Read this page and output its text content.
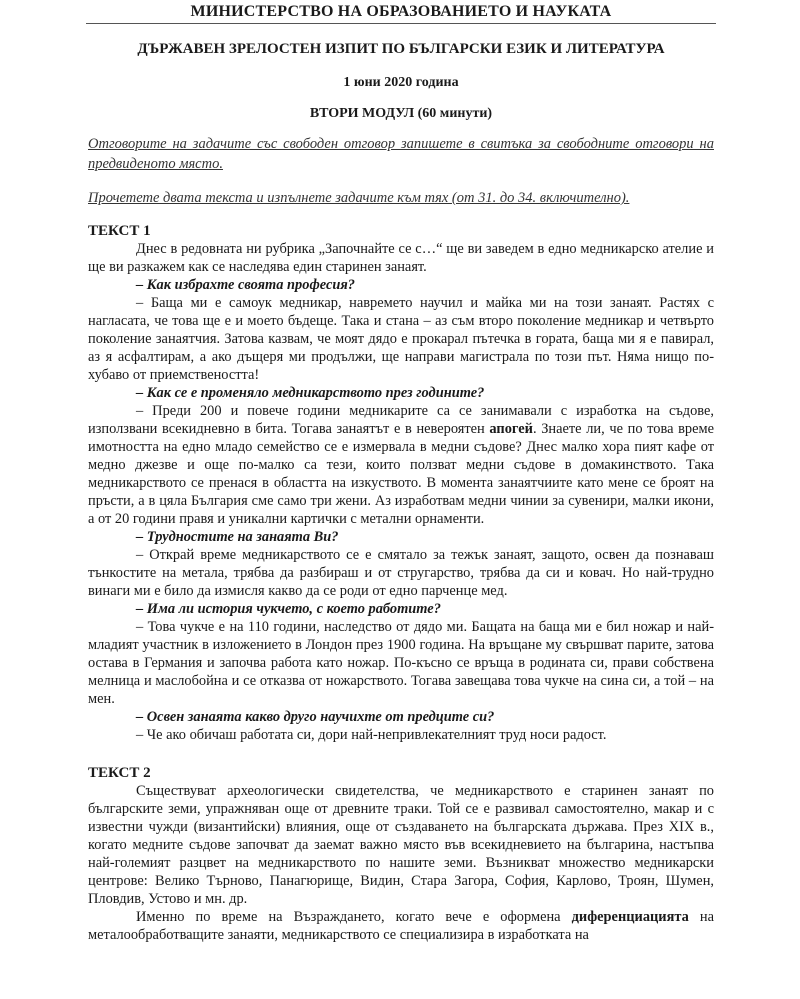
МИНИСТЕРСТВО НА ОБРАЗОВАНИЕТО И НАУКАТА
ДЪРЖАВЕН ЗРЕЛОСТЕН ИЗПИТ ПО БЪЛГАРСКИ ЕЗИК И ЛИТЕРАТУРА
1 юни 2020 година
ВТОРИ МОДУЛ (60 минути)
Отговорите на задачите със свободен отговор запишете в свитъка за свободните отговори на предвиденото място.
Прочетете двата текста и изпълнете задачите към тях (от 31. до 34. включително).
ТЕКСТ 1

Днес в редовната ни рубрика „Започнайте се с…“ ще ви заведем в едно медникарско ателие и ще ви разкажем как се наследява един старинен занаят.

– Как избрахте своята професия?

– Баща ми е самоук медникар, навремето научил и майка ми на този занаят. Растях с нагласата, че това ще е и моето бъдеще. Така и стана – аз съм второ поколение медникар и четвърто поколение занаятчия. Затова казвам, че моят дядо е прокарал пътечка в гората, баща ми я е павирал, аз я асфалтирам, а ако дъщеря ми продължи, ще направи магистрала по този път. Няма нищо по-хубаво от приемствеността!

– Как се е променяло медникарството през годините?

– Преди 200 и повече години медникарите са се занимавали с изработка на съдове, използвани всекидневно в бита. Тогава занаятът е в невероятен апогей. Знаете ли, че по това време имотността на едно младо семейство се е измервала в медни съдове? Днес малко хора пият кафе от медно джезве и още по-малко са тези, които ползват медни съдове в домакинството. Така медникарството се пренася в областта на изкуството. В момента занаятчиите като мене се броят на пръсти, а в цяла България сме само три жени. Аз изработвам медни чинии за сувенири, малки икони, а от 20 години правя и уникални картички с метални орнаменти.

– Трудностите на занаята Ви?

– Открай време медникарството се е смятало за тежък занаят, защото, освен да познаваш тънкостите на метала, трябва да разбираш и от стругарство, трябва да си и ковач. Но най-трудно винаги ми е било да измисля какво да се роди от едно парченце мед.

– Има ли история чукчето, с което работите?

– Това чукче е на 110 години, наследство от дядо ми. Бащата на баща ми е бил ножар и най-младият участник в изложението в Лондон през 1900 година. На връщане му свършват парите, затова остава в Германия и започва работа като ножар. По-късно се връща в родината си, прави собствена мелница и маслобойна и се отказва от ножарството. Тогава завещава това чукче на сина си, а той – на мен.

– Освен занаята какво друго научихте от предците си?

– Че ако обичаш работата си, дори най-непривлекателният труд носи радост.

ТЕКСТ 2

Съществуват археологически свидетелства, че медникарството е старинен занаят по българските земи, упражняван още от древните траки. Той се е развивал самостоятелно, макар и с известни чужди (византийски) влияния, още от създаването на българската държава. През XIX в., когато медните съдове започват да заемат важно място във всекидневието на българина, настъпва най-големият разцвет на медникарството по нашите земи. Възникват множество медникарски центрове: Велико Търново, Панагюрище, Видин, Стара Загора, София, Карлово, Троян, Шумен, Пловдив, Устово и мн. др.

Именно по време на Възраждането, когато вече е оформена диференциацията на металообработващите занаяти, медникарството се специализира в изработката на
